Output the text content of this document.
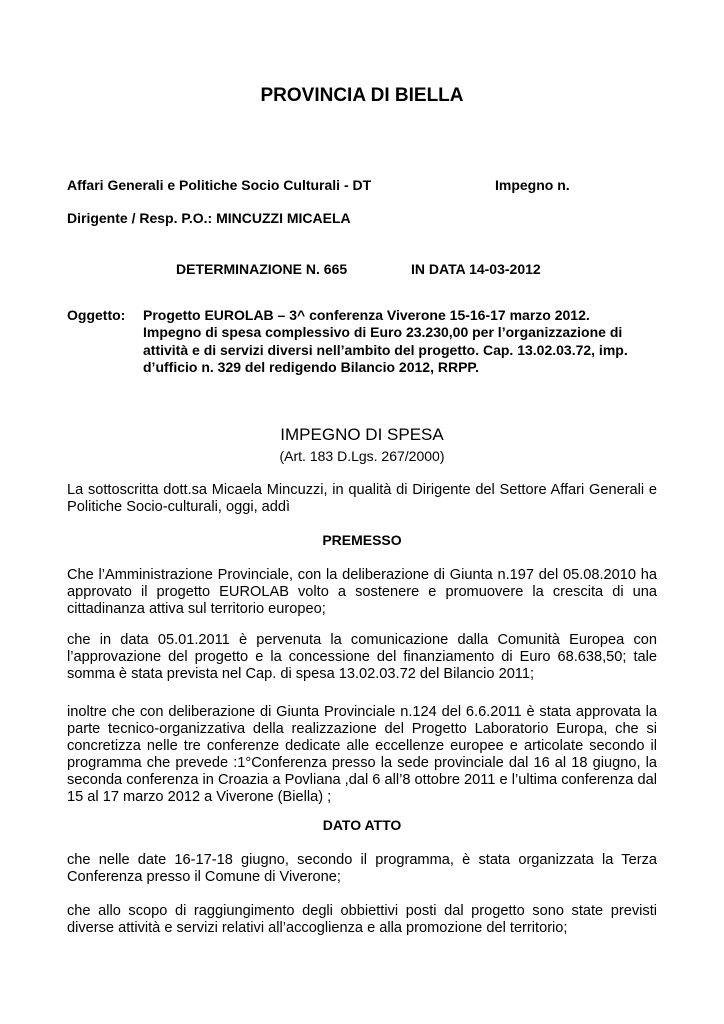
PROVINCIA DI BIELLA
Affari Generali e Politiche Socio Culturali - DT	Impegno n.
Dirigente / Resp. P.O.: MINCUZZI MICAELA
DETERMINAZIONE N. 665	IN DATA 14-03-2012
Oggetto: Progetto EUROLAB – 3^ conferenza Viverone 15-16-17 marzo 2012.
Impegno di spesa complessivo di Euro 23.230,00 per l’organizzazione di
attività e di servizi diversi nell’ambito del progetto. Cap. 13.02.03.72, imp.
d’ufficio n. 329 del redigendo Bilancio 2012, RRPP.
IMPEGNO DI SPESA
(Art. 183 D.Lgs. 267/2000)
La sottoscritta dott.sa Micaela Mincuzzi, in qualità di Dirigente del Settore Affari Generali e Politiche Socio-culturali, oggi, addì
PREMESSO
Che l’Amministrazione Provinciale, con la deliberazione di Giunta n.197 del 05.08.2010 ha approvato il progetto EUROLAB volto a sostenere e promuovere la crescita di una cittadinanza attiva sul territorio europeo;
che in data 05.01.2011 è pervenuta la comunicazione dalla Comunità Europea con l’approvazione del progetto e la concessione del finanziamento di Euro 68.638,50; tale somma è stata prevista nel Cap. di spesa 13.02.03.72 del Bilancio 2011;
inoltre che con deliberazione di Giunta Provinciale n.124 del 6.6.2011 è stata approvata la parte tecnico-organizzativa della realizzazione del Progetto Laboratorio Europa, che si concretizza nelle tre conferenze dedicate alle eccellenze europee e articolate secondo il programma che prevede :1°Conferenza presso la sede provinciale dal 16 al 18 giugno, la seconda conferenza in Croazia a Povliana ,dal 6 all’8 ottobre 2011 e l’ultima conferenza dal 15 al 17 marzo 2012 a Viverone (Biella) ;
DATO ATTO
che nelle date 16-17-18 giugno, secondo il programma, è stata organizzata la Terza Conferenza presso il Comune di Viverone;
che allo scopo di raggiungimento degli obbiettivi posti dal progetto sono state previsti diverse attività e servizi relativi all’accoglienza e alla promozione del territorio;
